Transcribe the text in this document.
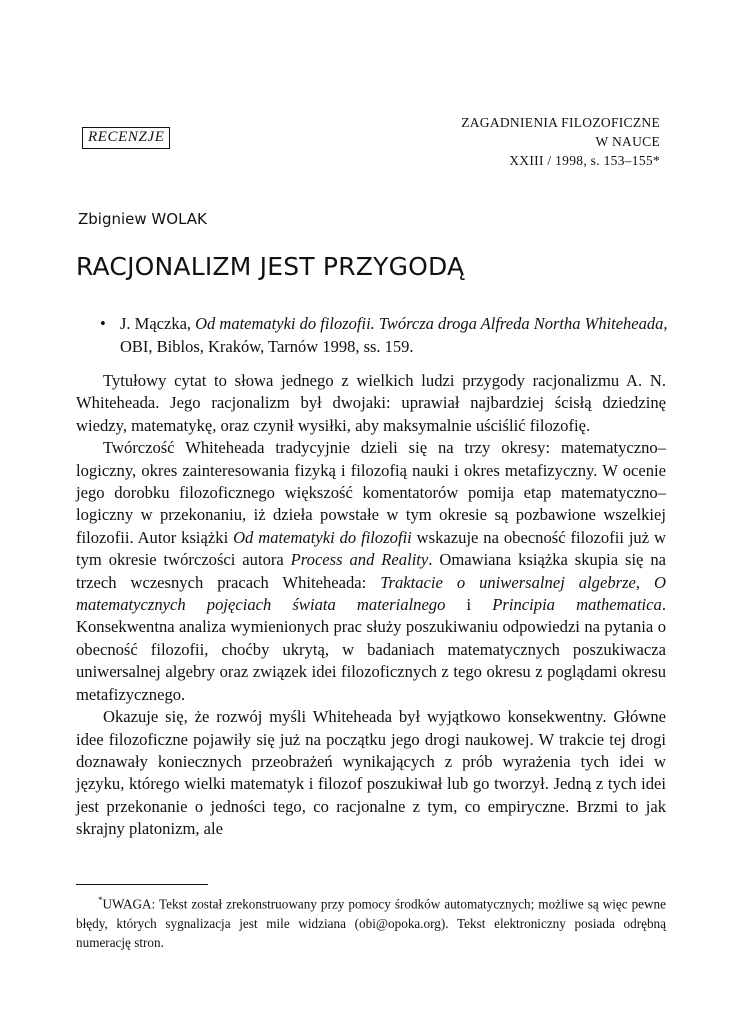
ZAGADNIENIA FILOZOFICZNE
W NAUCE
XXIII / 1998, s. 153–155*
RECENZJE
Zbigniew WOLAK
RACJONALIZM JEST PRZYGODĄ
• J. Mączka, Od matematyki do filozofii. Twórcza droga Alfreda Northa Whiteheada, OBI, Biblos, Kraków, Tarnów 1998, ss. 159.

Tytułowy cytat to słowa jednego z wielkich ludzi przygody racjonalizmu A. N. Whiteheada. Jego racjonalizm był dwojaki: uprawiał najbardziej ścisłą dziedzinę wiedzy, matematykę, oraz czynił wysiłki, aby maksymalnie uściślić filozofię.

Twórczość Whiteheada tradycyjnie dzieli się na trzy okresy: matematyczno–logiczny, okres zainteresowania fizyką i filozofią nauki i okres metafizyczny. W ocenie jego dorobku filozoficznego większość komentatorów pomija etap matematyczno–logiczny w przekonaniu, iż dzieła powstałe w tym okresie są pozbawione wszelkiej filozofii. Autor książki Od matematyki do filozofii wskazuje na obecność filozofii już w tym okresie twórczości autora Process and Reality. Omawiana książka skupia się na trzech wczesnych pracach Whiteheada: Traktacie o uniwersalnej algebrze, O matematycznych pojęciach świata materialnego i Principia mathematica. Konsekwentna analiza wymienionych prac służy poszukiwaniu odpowiedzi na pytania o obecność filozofii, choćby ukrytą, w badaniach matematycznych poszukiwacza uniwersalnej algebry oraz związek idei filozoficznych z tego okresu z poglądami okresu metafizycznego.

Okazuje się, że rozwój myśli Whiteheada był wyjątkowo konsekwentny. Główne idee filozoficzne pojawiły się już na początku jego drogi naukowej. W trakcie tej drogi doznawały koniecznych przeobrażeń wynikających z prób wyrażenia tych idei w języku, którego wielki matematyk i filozof poszukiwał lub go tworzył. Jedną z tych idei jest przekonanie o jedności tego, co racjonalne z tym, co empiryczne. Brzmi to jak skrajny platonizm, ale

*UWAGA: Tekst został zrekonstruowany przy pomocy środków automatycznych; możliwe są więc pewne błędy, których sygnalizacja jest mile widziana (obi@opoka.org). Tekst elektroniczny posiada odrębną numerację stron.
